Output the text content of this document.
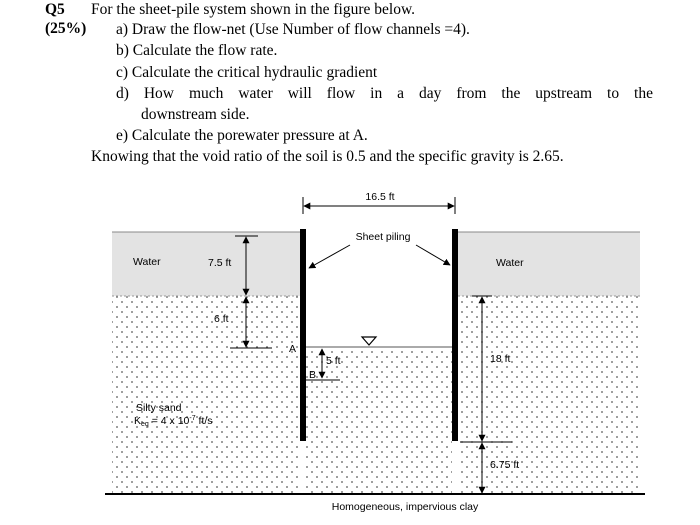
Q5
(25%)
For the sheet-pile system shown in the figure below.
a) Draw the flow-net (Use Number of flow channels =4).
b) Calculate the flow rate.
c) Calculate the critical hydraulic gradient
d) How much water will flow in a day from the upstream to the
downstream side.
e) Calculate the porewater pressure at A.
Knowing that the void ratio of the soil is 0.5 and the specific gravity is 2.65.
16.5 ft
Sheet piling
Water	Water
7.5 ft
6 ft
A
5 ft
B
18 ft
6.75 ft
Silty sand
Keq = 4 x $10^{-7}$ ft/s
Homogeneous, impervious clay
